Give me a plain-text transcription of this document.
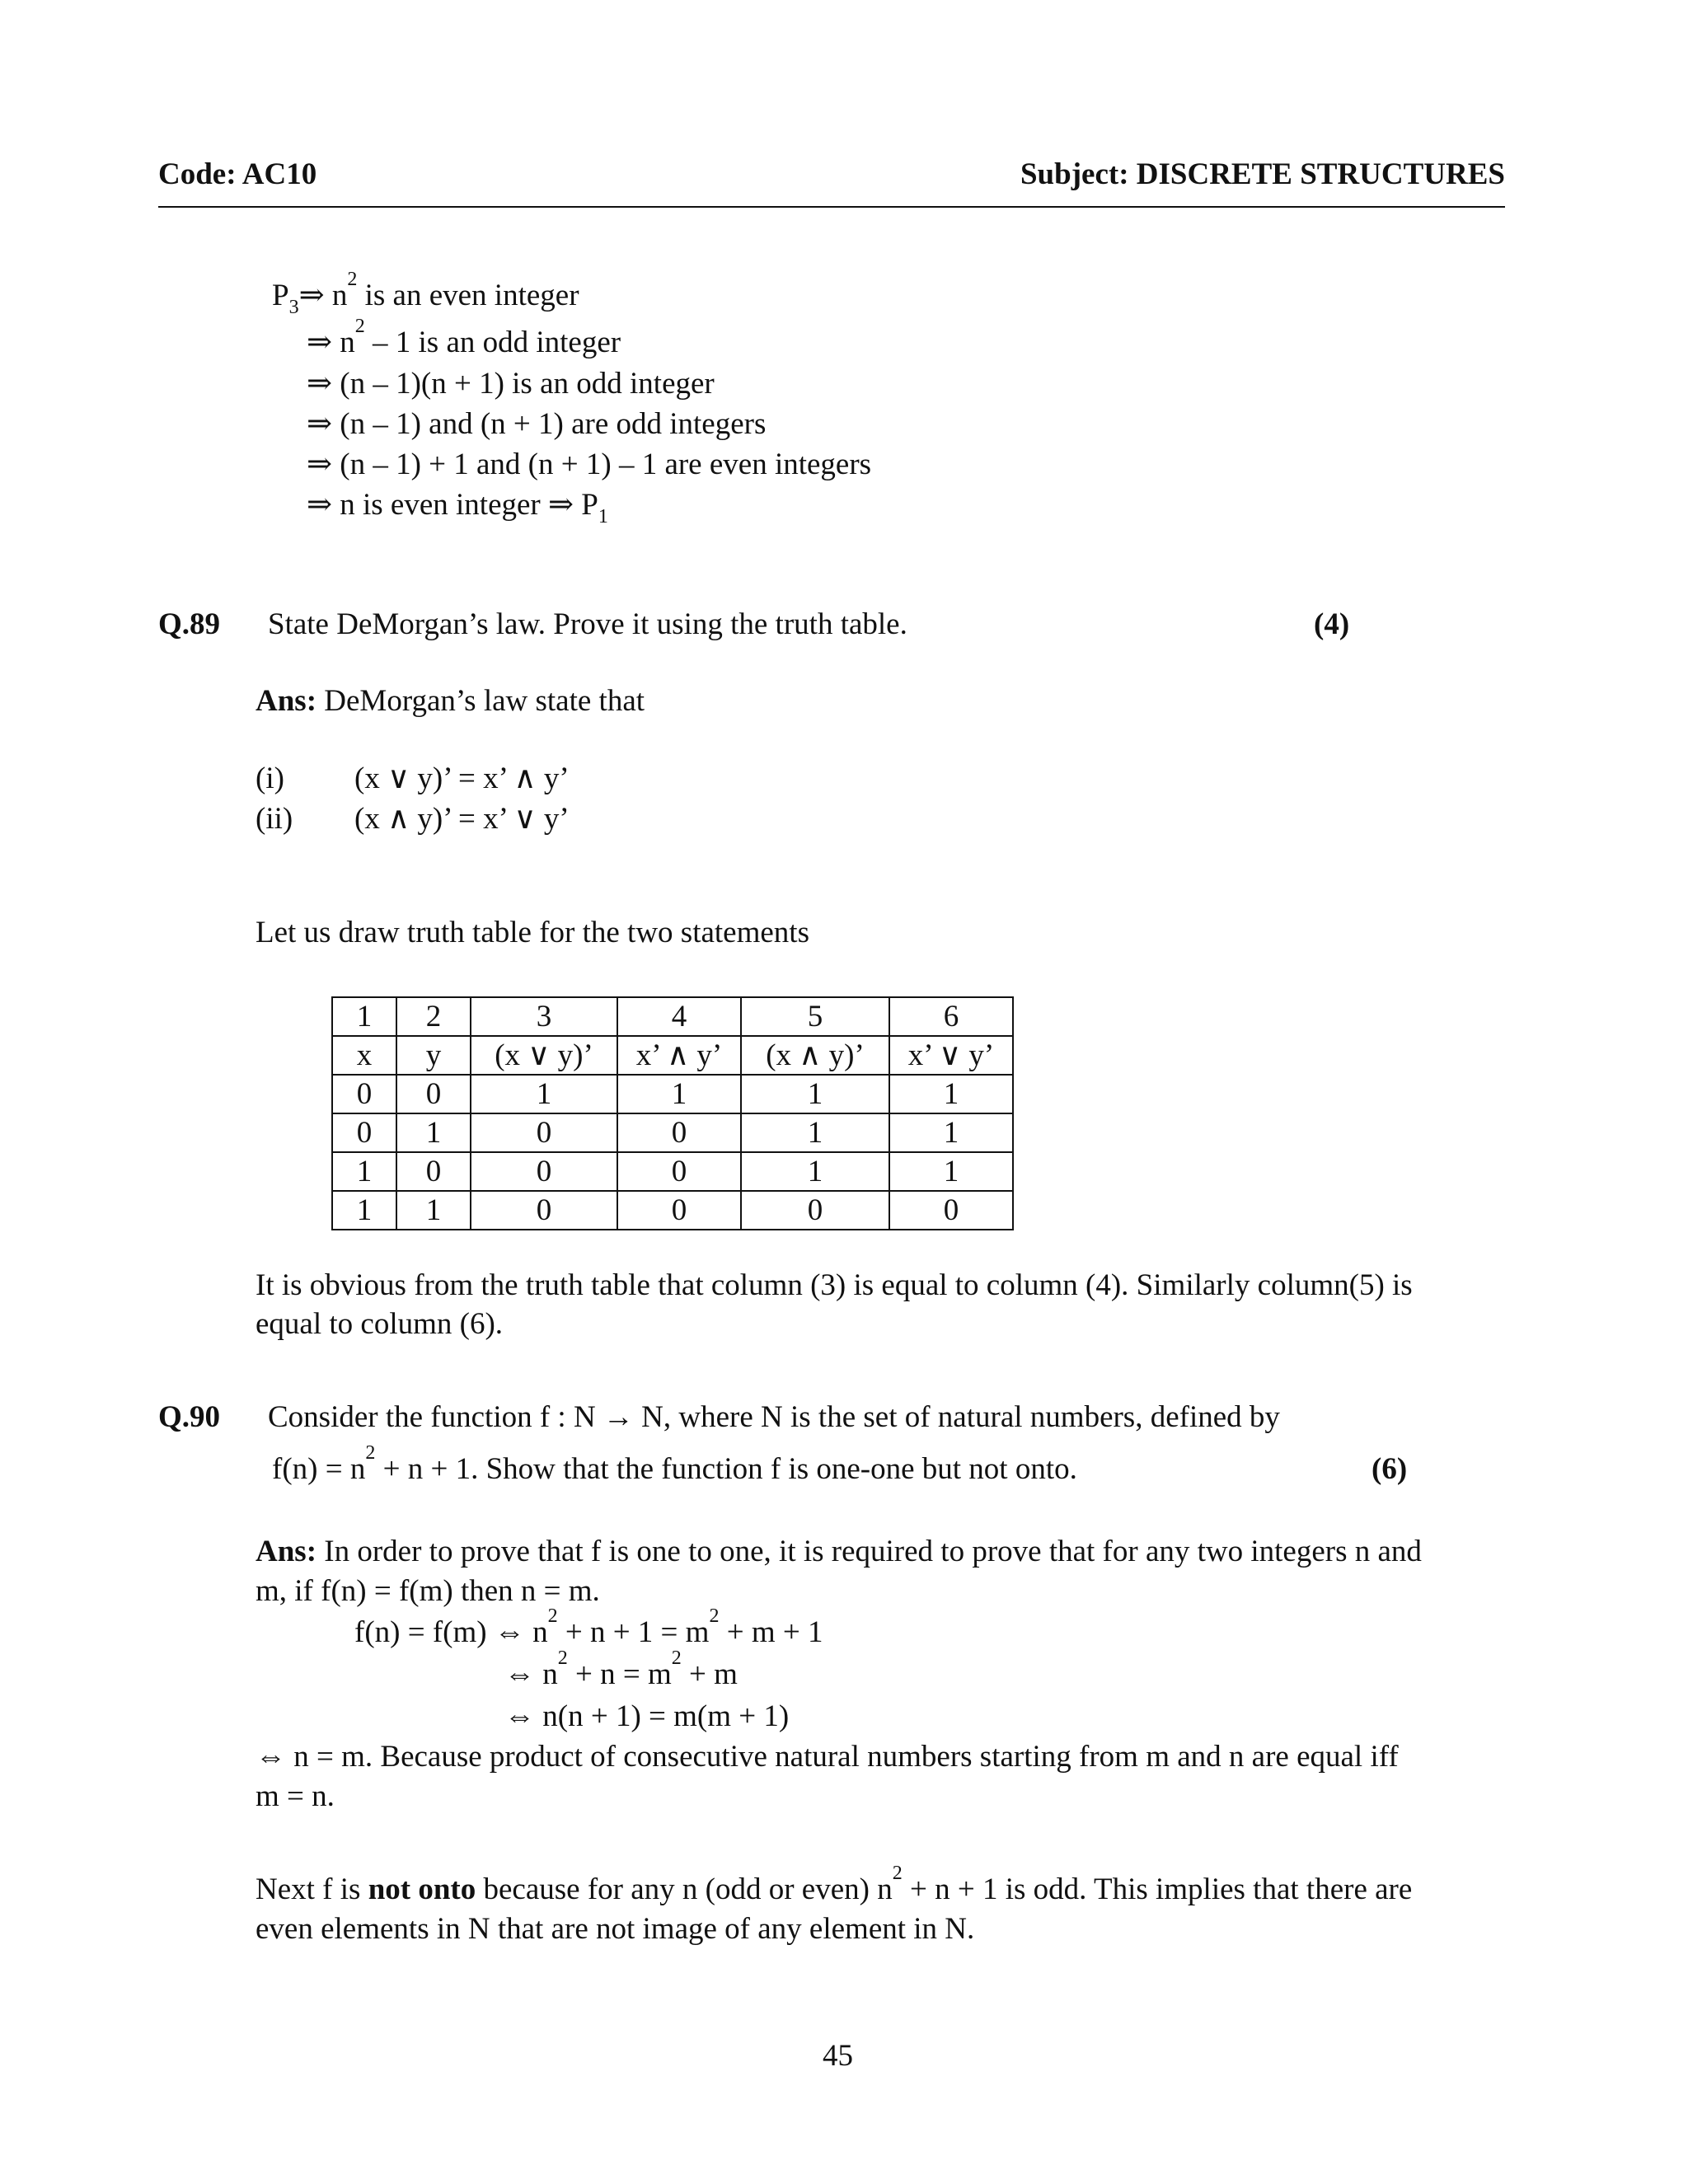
Code: AC10	Subject: DISCRETE STRUCTURES
$P_3\Rightarrow$ $n^2$ is an even integer
⇒ $n^2 - 1$ is an odd integer
⇒ (n – 1)(n + 1) is an odd integer
⇒ (n – 1) and (n + 1) are odd integers
⇒ (n – 1) + 1 and (n + 1) – 1 are even integers
⇒ n is even integer ⇒ $P_1$
Q.89 State DeMorgan’s law. Prove it using the truth table.	(4)
Ans: DeMorgan’s law state that
(i) (x ∨ y)’ = x’ ∧ y’
(ii) (x ∧ y)’ = x’ ∨ y’
Let us draw truth table for the two statements
1	2	3	4	5	6
x	y	(x ∨ y)’	x’ ∧ y’	(x ∧ y)’	x’ ∨ y’
0	0	1	1	1	1
0	1	0	0	1	1
1	0	0	0	1	1
1	1	0	0	0	0
It is obvious from the truth table that column (3) is equal to column (4). Similarly column(5) is
equal to column (6).
Q.90 Consider the function f : N → N, where N is the set of natural numbers, defined by
$f(n) = n^2 + n + 1$. Show that the function f is one-one but not onto.	(6)
Ans: In order to prove that f is one to one, it is required to prove that for any two integers n and
m, if f(n) = f(m) then n = m.
f(n) = f(m) ⇔ $n^2 + n + 1 = m^2 + m + 1$
⇔ $n^2 + n = m^2 + m$
⇔ n(n + 1) = m(m + 1)
⇔ n = m. Because product of consecutive natural numbers starting from m and n are equal iff
m = n.
Next f is not onto because for any n (odd or even) $n^2 + n + 1$ is odd. This implies that there are
even elements in N that are not image of any element in N.
45
